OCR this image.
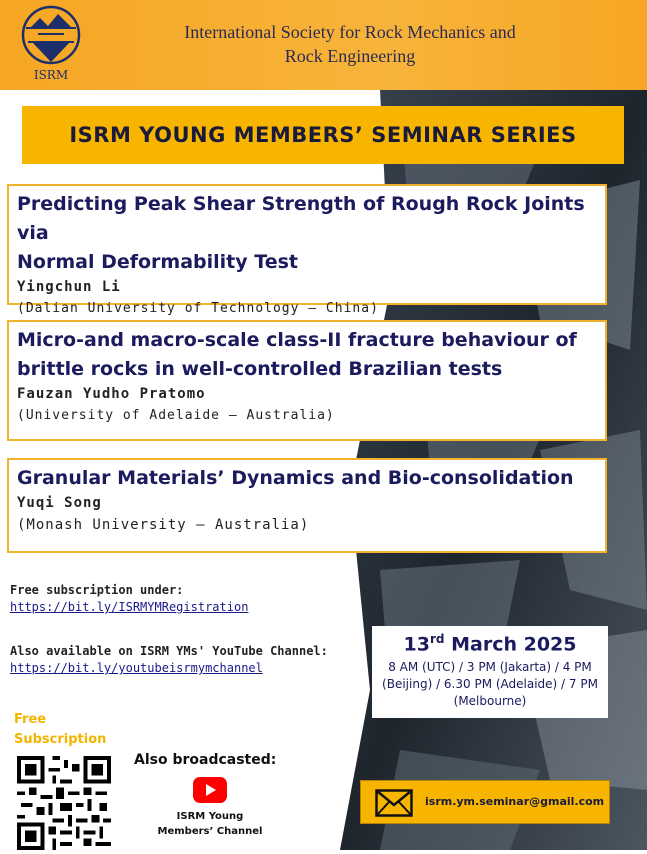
ISRM
International Society for Rock Mechanics and
Rock Engineering
ISRM YOUNG MEMBERS’ SEMINAR SERIES
Predicting Peak Shear Strength of Rough Rock Joints via
Normal Deformability Test
Yingchun Li
(Dalian University of Technology – China)
Micro-and macro-scale class-II fracture behaviour of
brittle rocks in well-controlled Brazilian tests
Fauzan Yudho Pratomo
(University of Adelaide – Australia)
Granular Materials’ Dynamics and Bio-consolidation
Yuqi Song
(Monash University – Australia)
Free subscription under:
https://bit.ly/ISRMYMRegistration
Also available on ISRM YMs' YouTube Channel:
https://bit.ly/youtubeisrmymchannel
13rd March 2025
8 AM (UTC) / 3 PM (Jakarta) / 4 PM (Beijing) / 6.30 PM (Adelaide) / 7 PM (Melbourne)
Free
Subscription
Also broadcasted:
ISRM Young
Members’ Channel
isrm.ym.seminar@gmail.com
